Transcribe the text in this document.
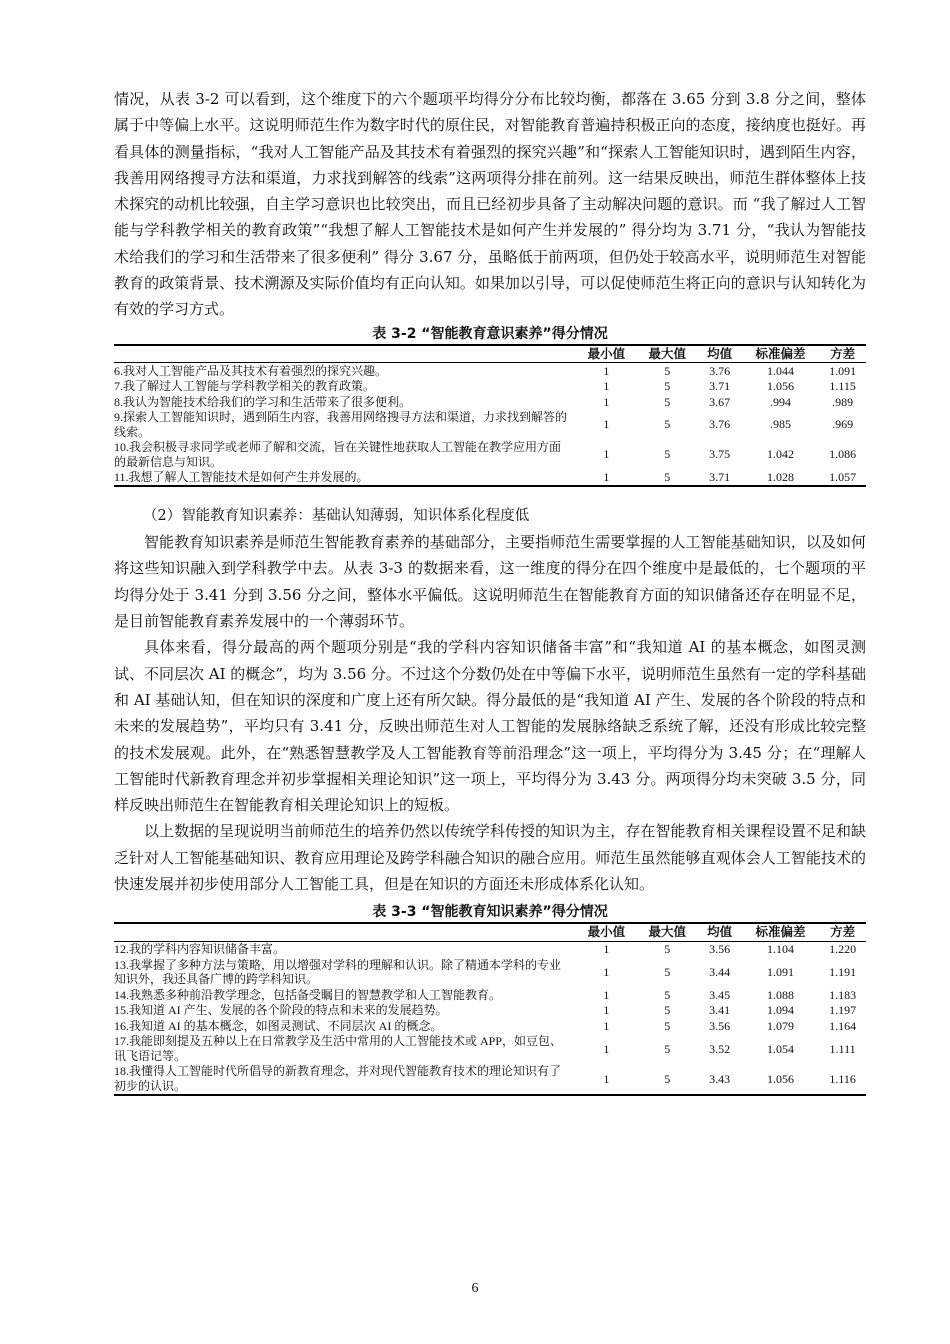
情况，从表 3-2 可以看到，这个维度下的六个题项平均得分分布比较均衡，都落在 3.65 分到 3.8 分之间，整体属于中等偏上水平。这说明师范生作为数字时代的原住民，对智能教育普遍持积极正向的态度，接纳度也挺好。再看具体的测量指标，“我对人工智能产品及其技术有着强烈的探究兴趣”和“探索人工智能知识时，遇到陌生内容，我善用网络搜寻方法和渠道，力求找到解答的线索”这两项得分排在前列。这一结果反映出，师范生群体整体上技术探究的动机比较强，自主学习意识也比较突出，而且已经初步具备了主动解决问题的意识。而 “我了解过人工智能与学科教学相关的教育政策”“我想了解人工智能技术是如何产生并发展的” 得分均为 3.71 分，“我认为智能技术给我们的学习和生活带来了很多便利” 得分 3.67 分，虽略低于前两项，但仍处于较高水平，说明师范生对智能教育的政策背景、技术溯源及实际价值均有正向认知。如果加以引导，可以促使师范生将正向的意识与认知转化为有效的学习方式。

表 3-2 “智能教育意识素养”得分情况
	最小值	最大值	均值	标准偏差	方差
6.我对人工智能产品及其技术有着强烈的探究兴趣。	1	5	3.76	1.044	1.091
7.我了解过人工智能与学科教学相关的教育政策。	1	5	3.71	1.056	1.115
8.我认为智能技术给我们的学习和生活带来了很多便利。	1	5	3.67	.994	.989
9.探索人工智能知识时，遇到陌生内容，我善用网络搜寻方法和渠道，力求找到解答的线索。	1	5	3.76	.985	.969
10.我会积极寻求同学或老师了解和交流，旨在关键性地获取人工智能在教学应用方面的最新信息与知识。	1	5	3.75	1.042	1.086
11.我想了解人工智能技术是如何产生并发展的。	1	5	3.71	1.028	1.057

（2）智能教育知识素养：基础认知薄弱，知识体系化程度低

智能教育知识素养是师范生智能教育素养的基础部分，主要指师范生需要掌握的人工智能基础知识，以及如何将这些知识融入到学科教学中去。从表 3-3 的数据来看，这一维度的得分在四个维度中是最低的，七个题项的平均得分处于 3.41 分到 3.56 分之间，整体水平偏低。这说明师范生在智能教育方面的知识储备还存在明显不足，是目前智能教育素养发展中的一个薄弱环节。

具体来看，得分最高的两个题项分别是“我的学科内容知识储备丰富”和“我知道 AI 的基本概念，如图灵测试、不同层次 AI 的概念”，均为 3.56 分。不过这个分数仍处在中等偏下水平，说明师范生虽然有一定的学科基础和 AI 基础认知，但在知识的深度和广度上还有所欠缺。得分最低的是“我知道 AI 产生、发展的各个阶段的特点和未来的发展趋势”，平均只有 3.41 分，反映出师范生对人工智能的发展脉络缺乏系统了解，还没有形成比较完整的技术发展观。此外，在“熟悉智慧教学及人工智能教育等前沿理念”这一项上，平均得分为 3.45 分；在“理解人工智能时代新教育理念并初步掌握相关理论知识”这一项上，平均得分为 3.43 分。两项得分均未突破 3.5 分，同样反映出师范生在智能教育相关理论知识上的短板。

以上数据的呈现说明当前师范生的培养仍然以传统学科传授的知识为主，存在智能教育相关课程设置不足和缺乏针对人工智能基础知识、教育应用理论及跨学科融合知识的融合应用。师范生虽然能够直观体会人工智能技术的快速发展并初步使用部分人工智能工具，但是在知识的方面还未形成体系化认知。

表 3-3 “智能教育知识素养”得分情况
	最小值	最大值	均值	标准偏差	方差
12.我的学科内容知识储备丰富。	1	5	3.56	1.104	1.220
13.我掌握了多种方法与策略，用以增强对学科的理解和认识。除了精通本学科的专业知识外，我还具备广博的跨学科知识。	1	5	3.44	1.091	1.191
14.我熟悉多种前沿教学理念，包括备受瞩目的智慧教学和人工智能教育。	1	5	3.45	1.088	1.183
15.我知道 AI 产生、发展的各个阶段的特点和未来的发展趋势。	1	5	3.41	1.094	1.197
16.我知道 AI 的基本概念，如图灵测试、不同层次 AI 的概念。	1	5	3.56	1.079	1.164
17.我能即刻提及五种以上在日常教学及生活中常用的人工智能技术或 APP，如豆包、讯飞语记等。	1	5	3.52	1.054	1.111
18.我懂得人工智能时代所倡导的新教育理念，并对现代智能教育技术的理论知识有了初步的认识。	1	5	3.43	1.056	1.116
6
